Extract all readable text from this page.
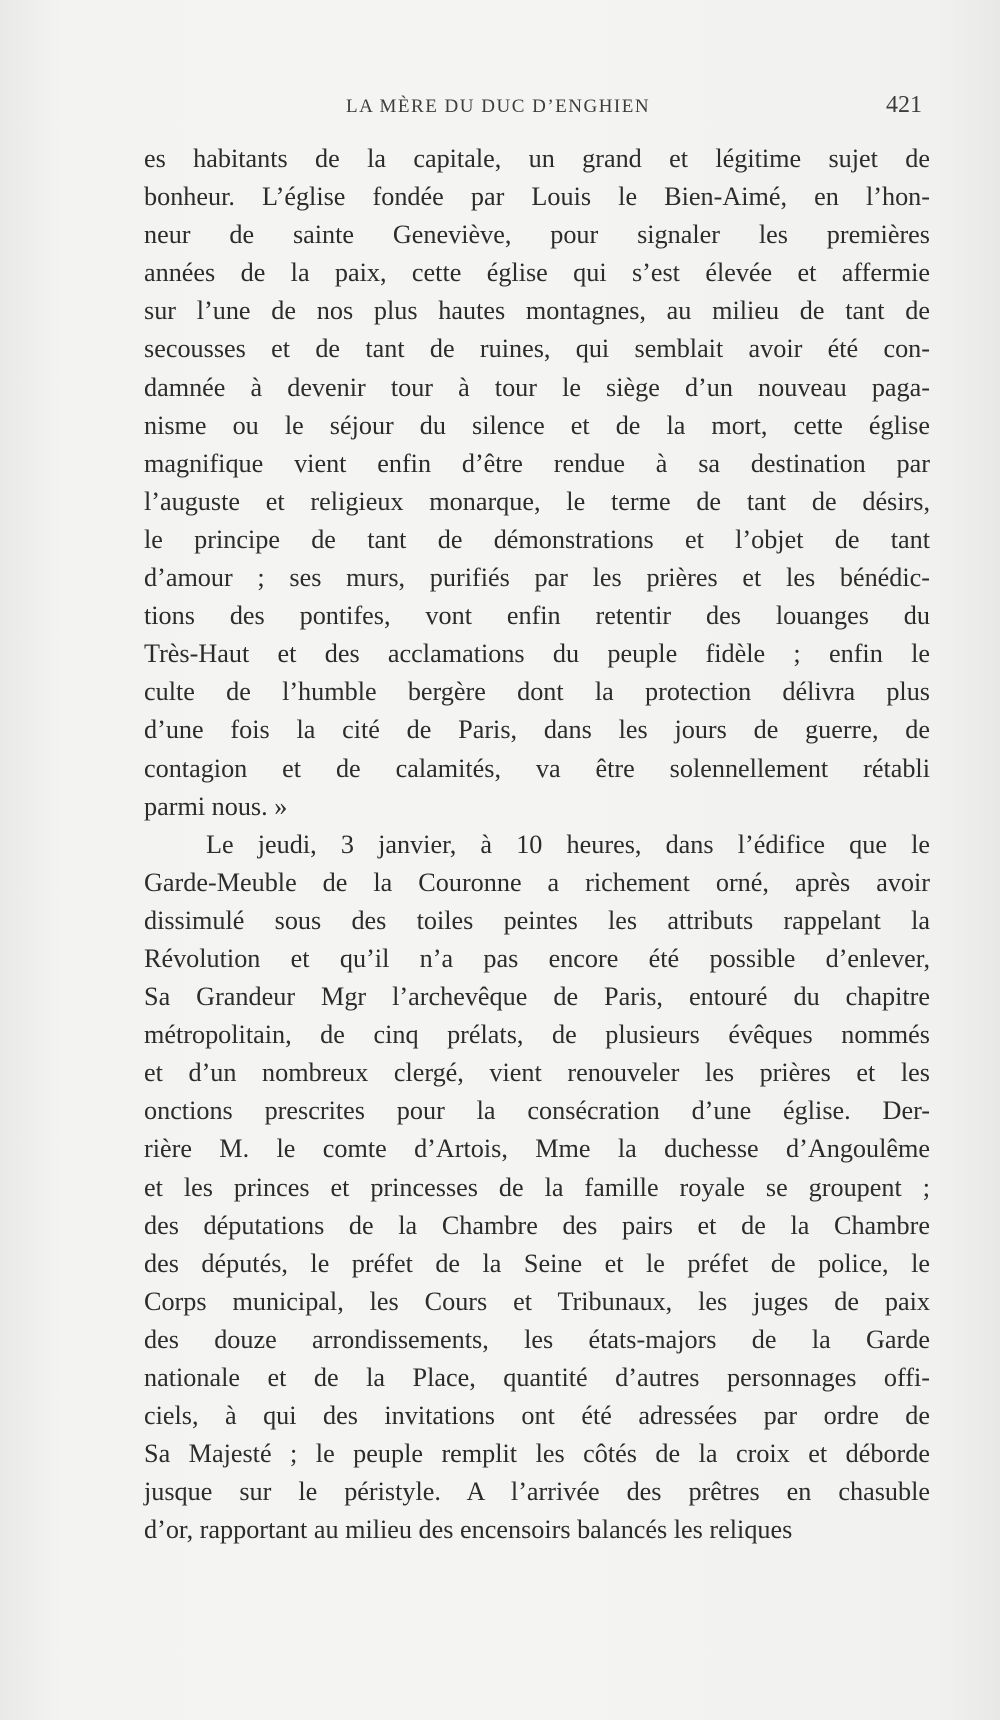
LA MÈRE DU DUC D’ENGHIEN	421
es habitants de la capitale, un grand et légitime sujet de
bonheur. L’église fondée par Louis le Bien-Aimé, en l’hon-
neur de sainte Geneviève, pour signaler les premières
années de la paix, cette église qui s’est élevée et affermie
sur l’une de nos plus hautes montagnes, au milieu de tant de
secousses et de tant de ruines, qui semblait avoir été con-
damnée à devenir tour à tour le siège d’un nouveau paga-
nisme ou le séjour du silence et de la mort, cette église
magnifique vient enfin d’être rendue à sa destination par
l’auguste et religieux monarque, le terme de tant de désirs,
le principe de tant de démonstrations et l’objet de tant
d’amour ; ses murs, purifiés par les prières et les bénédic-
tions des pontifes, vont enfin retentir des louanges du
Très-Haut et des acclamations du peuple fidèle ; enfin le
culte de l’humble bergère dont la protection délivra plus
d’une fois la cité de Paris, dans les jours de guerre, de
contagion et de calamités, va être solennellement rétabli
parmi nous. »
Le jeudi, 3 janvier, à 10 heures, dans l’édifice que le
Garde-Meuble de la Couronne a richement orné, après avoir
dissimulé sous des toiles peintes les attributs rappelant la
Révolution et qu’il n’a pas encore été possible d’enlever,
Sa Grandeur Mgr l’archevêque de Paris, entouré du chapitre
métropolitain, de cinq prélats, de plusieurs évêques nommés
et d’un nombreux clergé, vient renouveler les prières et les
onctions prescrites pour la consécration d’une église. Der-
rière M. le comte d’Artois, Mme la duchesse d’Angoulême
et les princes et princesses de la famille royale se groupent ;
des députations de la Chambre des pairs et de la Chambre
des députés, le préfet de la Seine et le préfet de police, le
Corps municipal, les Cours et Tribunaux, les juges de paix
des douze arrondissements, les états-majors de la Garde
nationale et de la Place, quantité d’autres personnages offi-
ciels, à qui des invitations ont été adressées par ordre de
Sa Majesté ; le peuple remplit les côtés de la croix et déborde
jusque sur le péristyle. A l’arrivée des prêtres en chasuble
d’or, rapportant au milieu des encensoirs balancés les reliques
